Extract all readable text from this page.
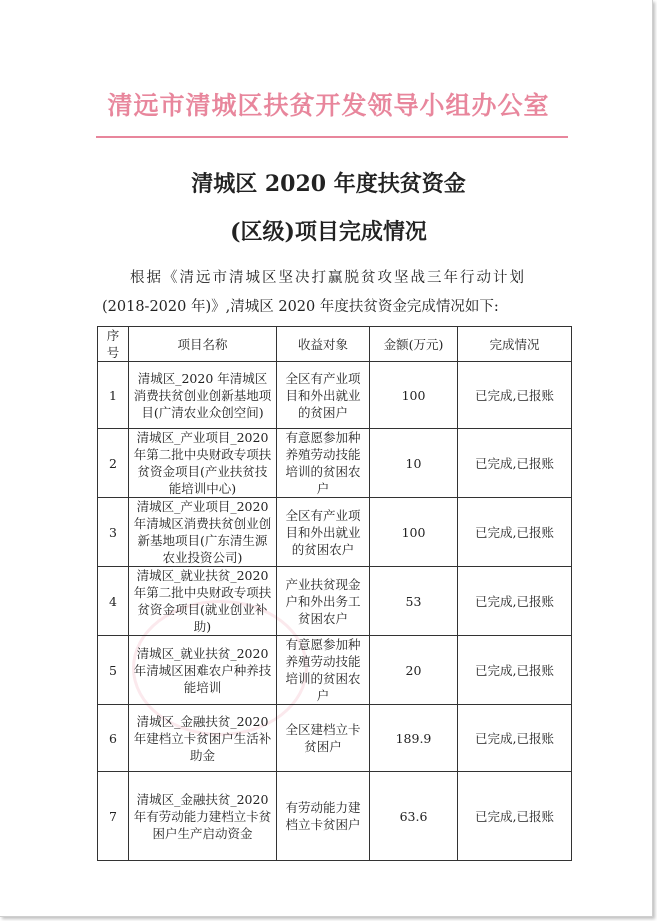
清远市清城区扶贫开发领导小组办公室
清城区 2020 年度扶贫资金
(区级)项目完成情况
根据《清远市清城区坚决打赢脱贫攻坚战三年行动计划
(2018-2020 年)》,清城区 2020 年度扶贫资金完成情况如下:
序号	项目名称	收益对象	金额(万元)	完成情况
1	清城区_2020 年清城区消费扶贫创业创新基地项目(广清农业众创空间)	全区有产业项目和外出就业的贫困户	100	已完成,已报账
2	清城区_产业项目_2020 年第二批中央财政专项扶贫资金项目(产业扶贫技能培训中心)	有意愿参加种养殖劳动技能培训的贫困农户	10	已完成,已报账
3	清城区_产业项目_2020 年清城区消费扶贫创业创新基地项目(广东清生源农业投资公司)	全区有产业项目和外出就业的贫困农户	100	已完成,已报账
4	清城区_就业扶贫_2020 年第二批中央财政专项扶贫资金项目(就业创业补助)	产业扶贫现金户和外出务工贫困农户	53	已完成,已报账
5	清城区_就业扶贫_2020 年清城区困难农户种养技能培训	有意愿参加种养殖劳动技能培训的贫困农户	20	已完成,已报账
6	清城区_金融扶贫_2020 年建档立卡贫困户生活补助金	全区建档立卡贫困户	189.9	已完成,已报账
7	清城区_金融扶贫_2020 年有劳动能力建档立卡贫困户生产启动资金	有劳动能力建档立卡贫困户	63.6	已完成,已报账
